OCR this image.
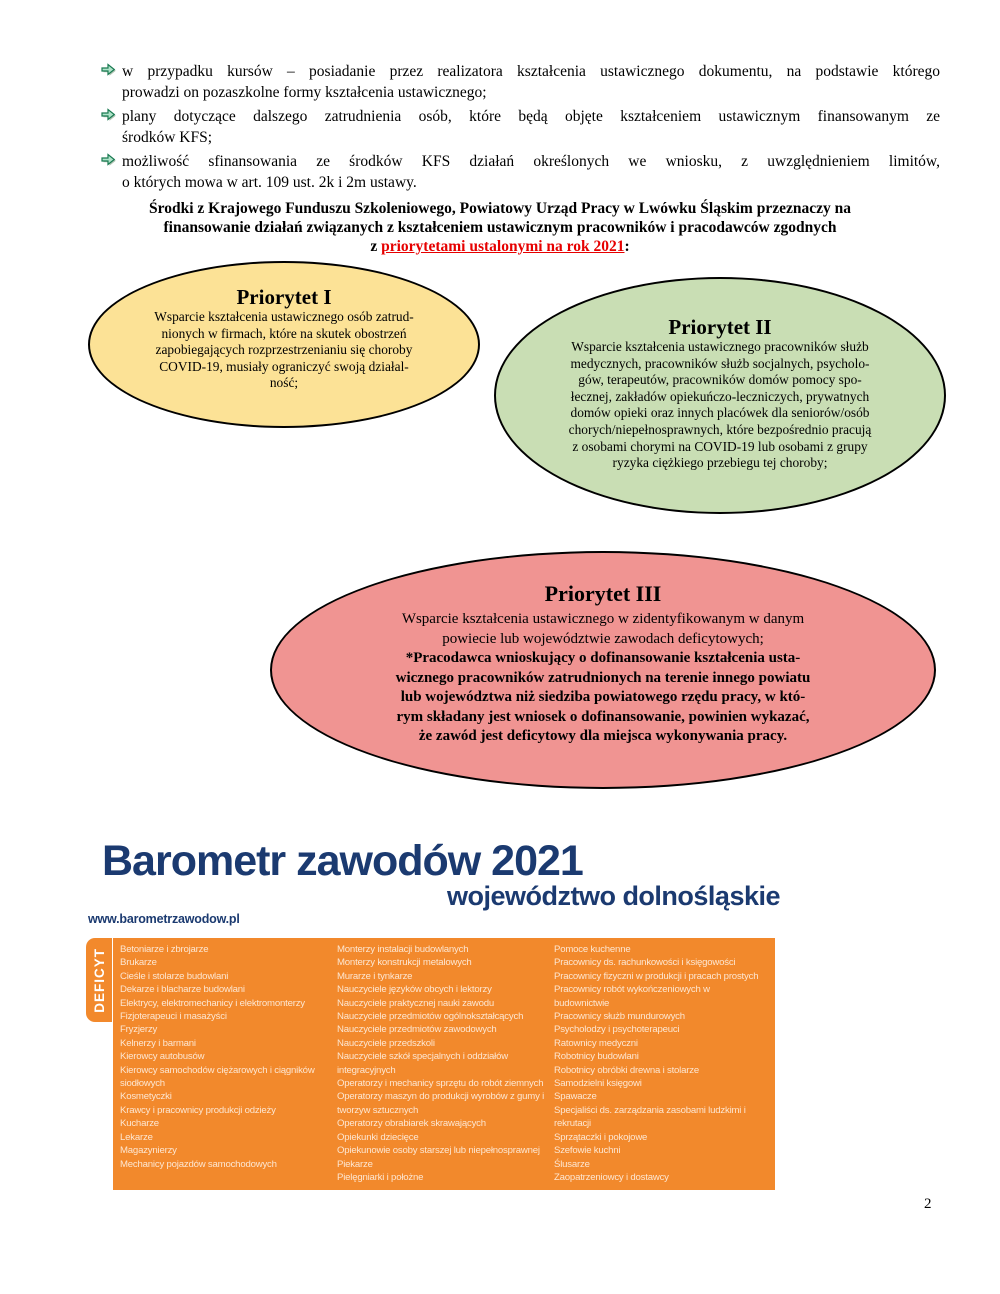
w przypadku kursów – posiadanie przez realizatora kształcenia ustawicznego dokumentu, na podstawie którego
prowadzi on pozaszkolne formy kształcenia ustawicznego;
plany dotyczące dalszego zatrudnienia osób, które będą objęte kształceniem ustawicznym finansowanym ze
środków KFS;
możliwość sfinansowania ze środków KFS działań określonych we wniosku, z uwzględnieniem limitów,
o których mowa w art. 109 ust. 2k i 2m ustawy.
Środki z Krajowego Funduszu Szkoleniowego, Powiatowy Urząd Pracy w Lwówku Śląskim przeznaczy na
finansowanie działań związanych z kształceniem ustawicznym pracowników i pracodawców zgodnych
z priorytetami ustalonymi na rok 2021:
Priorytet I
Wsparcie kształcenia ustawicznego osób zatrud-
nionych w firmach, które na skutek obostrzeń
zapobiegających rozprzestrzenianiu się choroby
COVID-19, musiały ograniczyć swoją działal-
ność;
Priorytet II
Wsparcie kształcenia ustawicznego pracowników służb
medycznych, pracowników służb socjalnych, psycholo-
gów, terapeutów, pracowników domów pomocy spo-
łecznej, zakładów opiekuńczo-leczniczych, prywatnych
domów opieki oraz innych placówek dla seniorów/osób
chorych/niepełnosprawnych, które bezpośrednio pracują
z osobami chorymi na COVID-19 lub osobami z grupy
ryzyka ciężkiego przebiegu tej choroby;
Priorytet III
Wsparcie kształcenia ustawicznego w zidentyfikowanym w danym
powiecie lub województwie zawodach deficytowych;
*Pracodawca wnioskujący o dofinansowanie kształcenia usta-
wicznego pracowników zatrudnionych na terenie innego powiatu
lub województwa niż siedziba powiatowego rzędu pracy, w któ-
rym składany jest wniosek o dofinansowanie, powinien wykazać,
że zawód jest deficytowy dla miejsca wykonywania pracy.
Barometr zawodów 2021
województwo dolnośląskie
www.barometrzawodow.pl
DEFICYT Betoniarze i zbrojarze
Brukarze
Cieśle i stolarze budowlani
Dekarze i blacharze budowlani
Elektrycy, elektromechanicy i elektromonterzy
Fizjoterapeuci i masażyści
Fryzjerzy
Kelnerzy i barmani
Kierowcy autobusów
Kierowcy samochodów ciężarowych i ciągników siodłowych
Kosmetyczki
Krawcy i pracownicy produkcji odzieży
Kucharze
Lekarze
Magazynierzy
Mechanicy pojazdów samochodowych
Monterzy instalacji budowlanych
Monterzy konstrukcji metalowych
Murarze i tynkarze
Nauczyciele języków obcych i lektorzy
Nauczyciele praktycznej nauki zawodu
Nauczyciele przedmiotów ogólnokształcących
Nauczyciele przedmiotów zawodowych
Nauczyciele przedszkoli
Nauczyciele szkół specjalnych i oddziałów integracyjnych
Operatorzy i mechanicy sprzętu do robót ziemnych
Operatorzy maszyn do produkcji wyrobów z gumy i tworzyw sztucznych
Operatorzy obrabiarek skrawających
Opiekunki dziecięce
Opiekunowie osoby starszej lub niepełnosprawnej
Piekarze
Pielęgniarki i położne
Pomoce kuchenne
Pracownicy ds. rachunkowości i księgowości
Pracownicy fizyczni w produkcji i pracach prostych
Pracownicy robót wykończeniowych w budownictwie
Pracownicy służb mundurowych
Psycholodzy i psychoterapeuci
Ratownicy medyczni
Robotnicy budowlani
Robotnicy obróbki drewna i stolarze
Samodzielni księgowi
Spawacze
Specjaliści ds. zarządzania zasobami ludzkimi i rekrutacji
Sprzątaczki i pokojowe
Szefowie kuchni
Ślusarze
Zaopatrzeniowcy i dostawcy
2
